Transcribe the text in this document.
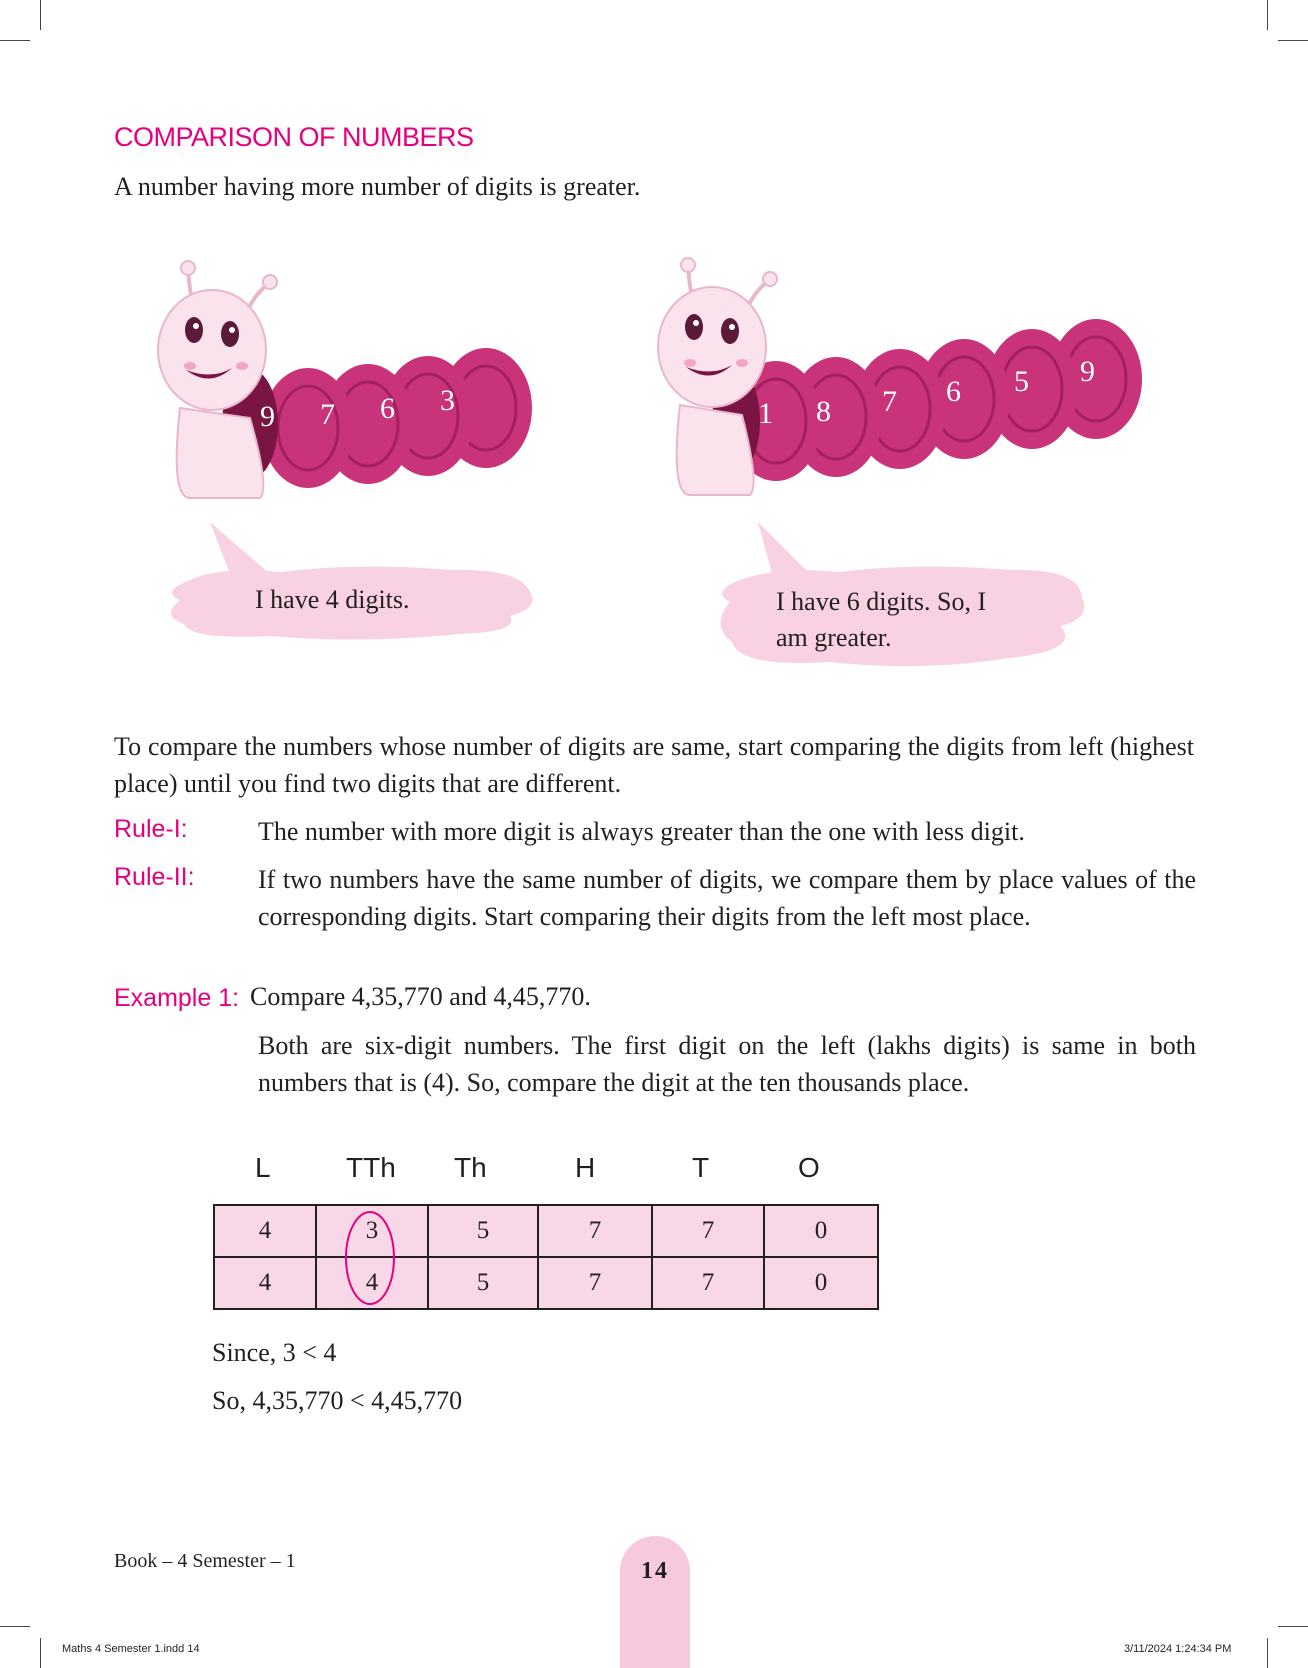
COMPARISON OF NUMBERS
A number having more number of digits is greater.
9 7 6 3
I have 4 digits.
1 8 7 6 5 9
I have 6 digits. So, I
am greater.
To compare the numbers whose number of digits are same, start comparing the digits from left (highest place) until you find two digits that are different.
Rule-I:	The number with more digit is always greater than the one with less digit.
Rule-II: If two numbers have the same number of digits, we compare them by place values of the corresponding digits. Start comparing their digits from the left most place.
Example 1: Compare 4,35,770 and 4,45,770.
Both are six-digit numbers. The first digit on the left (lakhs digits) is same in both numbers that is (4). So, compare the digit at the ten thousands place.
L	TTh Th	H	T	O
4	3	5	7	7	0
4	4	5	7	7	0
Since, 3 < 4
So, 4,35,770 < 4,45,770
Book – 4 Semester – 1	14
Maths 4 Semester 1.indd 14	3/11/2024 1:24:34 PM
